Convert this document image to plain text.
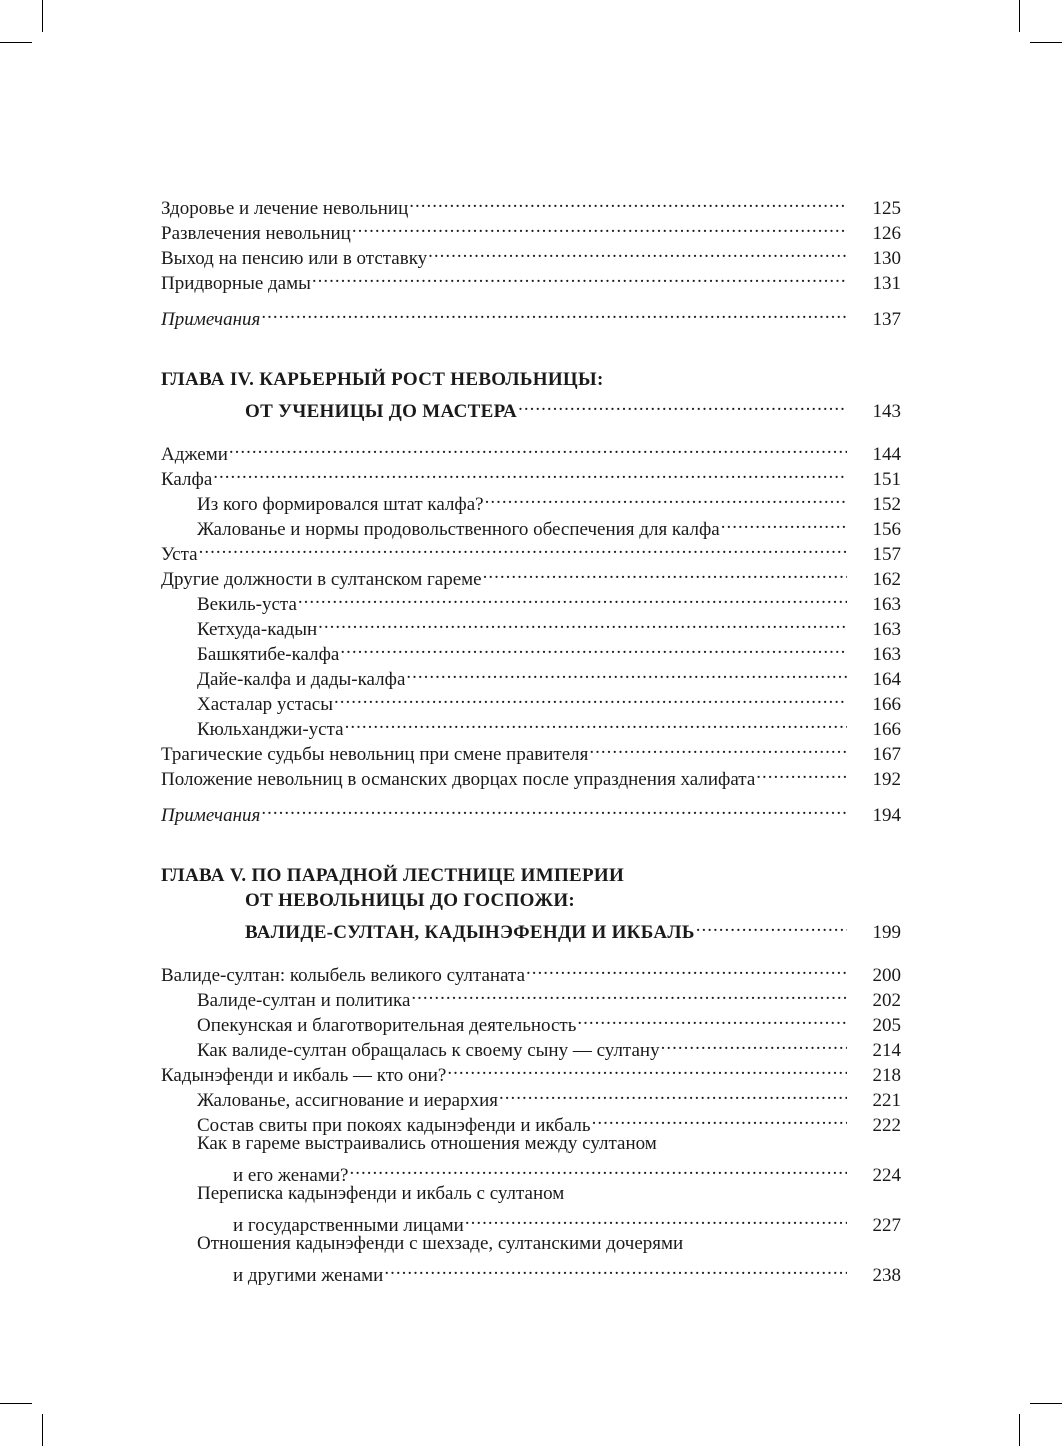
Здоровье и лечение невольниц .....	125
Развлечения невольниц .....	126
Выход на пенсию или в отставку .....	130
Придворные дамы .....	131
Примечания .....	137
ГЛАВА IV. КАРЬЕРНЫЙ РОСТ НЕВОЛЬНИЦЫ:
ОТ УЧЕНИЦЫ ДО МАСТЕРА .....	143
Аджеми .....	144
Калфа .....	151
Из кого формировался штат калфа? .....	152
Жалованье и нормы продовольственного обеспечения для калфа .....	156
Уста .....	157
Другие должности в султанском гареме .....	162
Векиль-уста .....	163
Кетхуда-кадын .....	163
Башкятибе-калфа .....	163
Дайе-калфа и дады-калфа .....	164
Хасталар устасы .....	166
Кюльханджи-уста .....	166
Трагические судьбы невольниц при смене правителя .....	167
Положение невольниц в османских дворцах после упразднения халифата .....	192
Примечания .....	194
ГЛАВА V. ПО ПАРАДНОЙ ЛЕСТНИЦЕ ИМПЕРИИ
ОТ НЕВОЛЬНИЦЫ ДО ГОСПОЖИ:
ВАЛИДЕ-СУЛТАН, КАДЫНЭФЕНДИ И ИКБАЛЬ .....	199
Валиде-султан: колыбель великого султаната .....	200
Валиде-султан и политика .....	202
Опекунская и благотворительная деятельность .....	205
Как валиде-султан обращалась к своему сыну — султану .....	214
Кадынэфенди и икбаль — кто они? .....	218
Жалованье, ассигнование и иерархия .....	221
Состав свиты при покоях кадынэфенди и икбаль .....	222
Как в гареме выстраивались отношения между султаном
и его женами? .....	224
Переписка кадынэфенди и икбаль с султаном
и государственными лицами .....	227
Отношения кадынэфенди с шехзаде, султанскими дочерями
и другими женами .....	238
